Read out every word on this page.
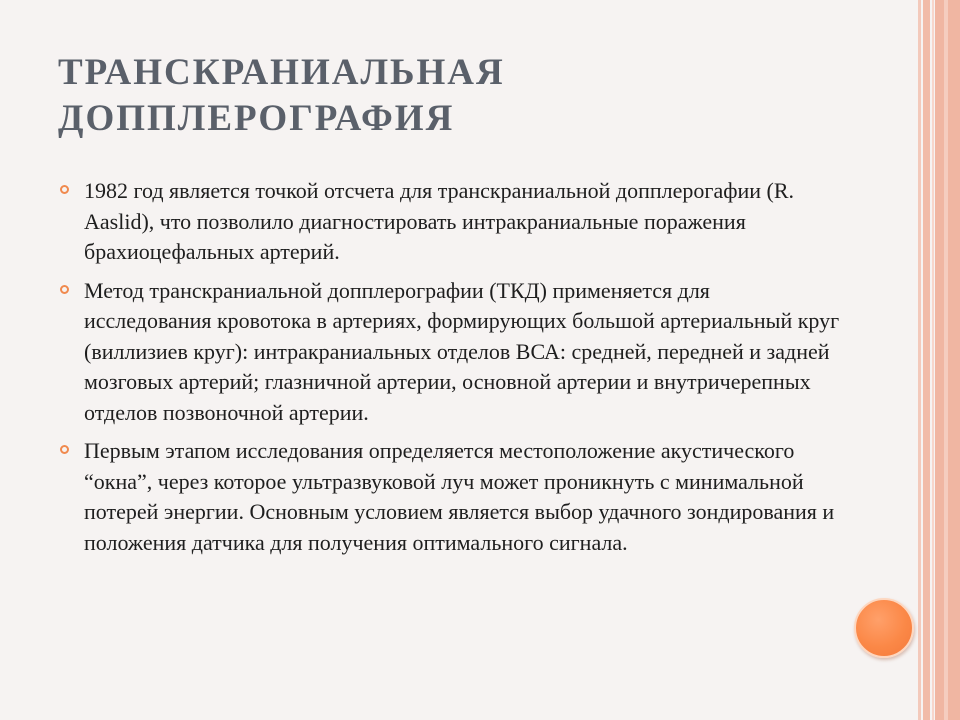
ТРАНСКРАНИАЛЬНАЯ
ДОППЛЕРОГРАФИЯ
1982 год является точкой отсчета для транскраниальной допплерогафии (R. Aaslid), что позволило диагностировать интракраниальные поражения брахиоцефальных артерий.
Метод транскраниальной допплерографии (ТКД) применяется для исследования кровотока в артериях, формирующих большой артериальный круг (виллизиев круг): интракраниальных отделов ВСА: средней, передней и задней мозговых артерий; глазничной артерии, основной артерии и внутричерепных отделов позвоночной артерии.
Первым этапом исследования определяется местоположение акустического “окна”, через которое ультразвуковой луч может проникнуть с минимальной потерей энергии. Основным условием является выбор удачного зондирования и положения датчика для получения оптимального сигнала.
